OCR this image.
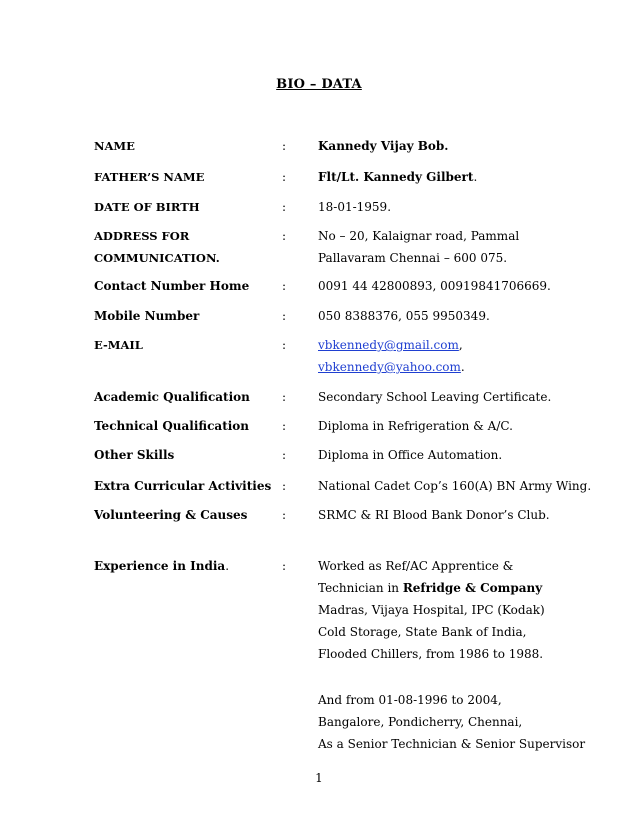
BIO – DATA
NAME	:	Kannedy Vijay Bob.
FATHER’S NAME	:	Flt/Lt. Kannedy Gilbert.
DATE OF BIRTH	:	18-01-1959.
ADDRESS FOR
COMMUNICATION.
:	No – 20, Kalaignar road, Pammal
Pallavaram Chennai – 600 075.
Contact Number Home	:	0091 44 42800893, 00919841706669.
Mobile Number	:	050 8388376, 055 9950349.
E-MAIL	:	vbkennedy@gmail.com,
vbkennedy@yahoo.com.
Academic Qualification	:	Secondary School Leaving Certificate.
Technical Qualification	:	Diploma in Refrigeration & A/C.
Other Skills	:	Diploma in Office Automation.
Extra Curricular Activities :	National Cadet Cop’s 160(A) BN Army Wing.
Volunteering & Causes	:	SRMC & RI Blood Bank Donor’s Club.
Experience in India.	:	Worked as Ref/AC Apprentice &
Technician in Refridge & Company
Madras, Vijaya Hospital, IPC (Kodak)
Cold Storage, State Bank of India,
Flooded Chillers, from 1986 to 1988.
And from 01-08-1996 to 2004,
Bangalore, Pondicherry, Chennai,
As a Senior Technician & Senior Supervisor
1
